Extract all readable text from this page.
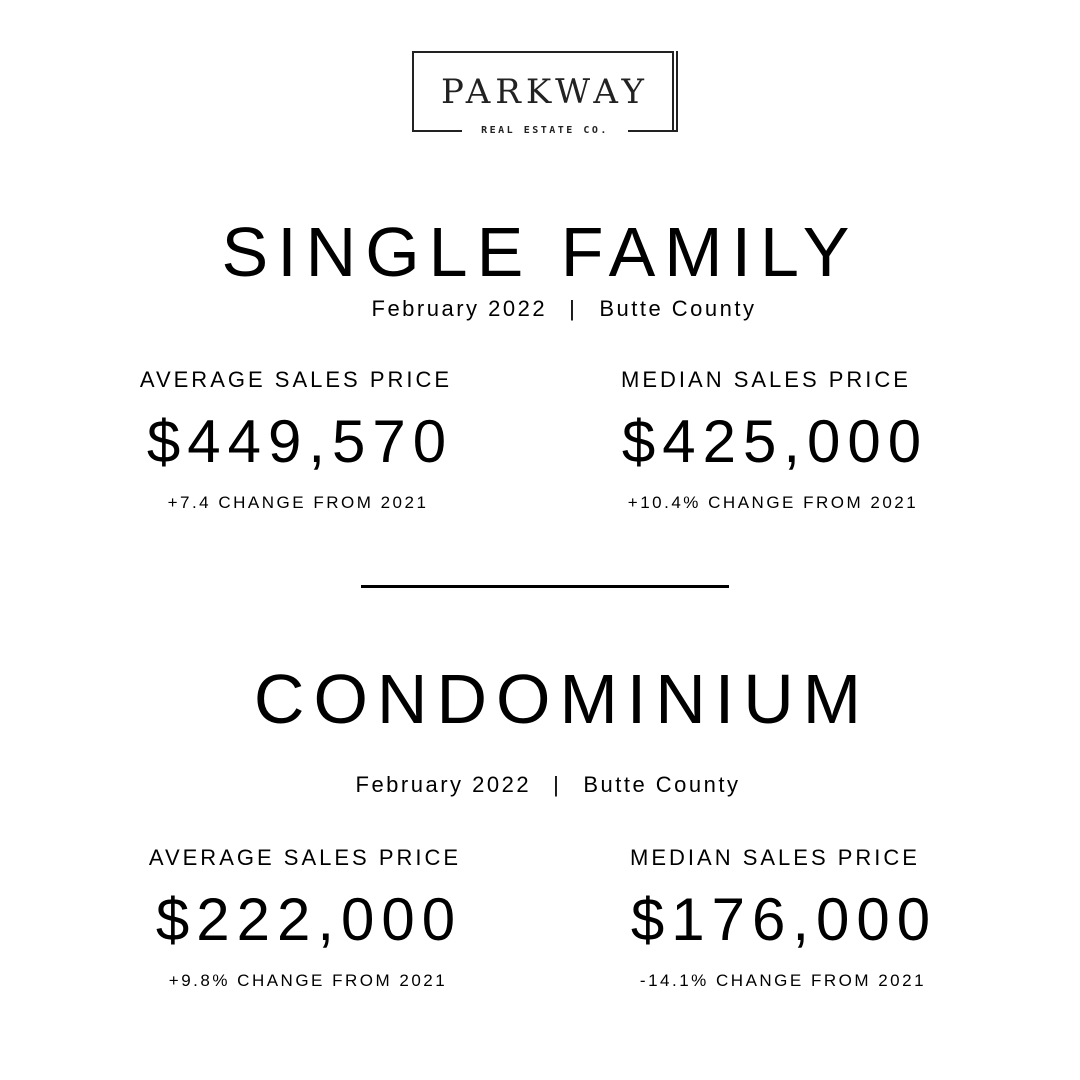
PARKWAY
REAL ESTATE CO.
SINGLE FAMILY
February 2022 | Butte County
AVERAGE SALES PRICE
$449,570
+7.4 CHANGE FROM 2021
MEDIAN SALES PRICE
$425,000
+10.4% CHANGE FROM 2021
CONDOMINIUM
February 2022 | Butte County
AVERAGE SALES PRICE
$222,000
+9.8% CHANGE FROM 2021
MEDIAN SALES PRICE
$176,000
-14.1% CHANGE FROM 2021
